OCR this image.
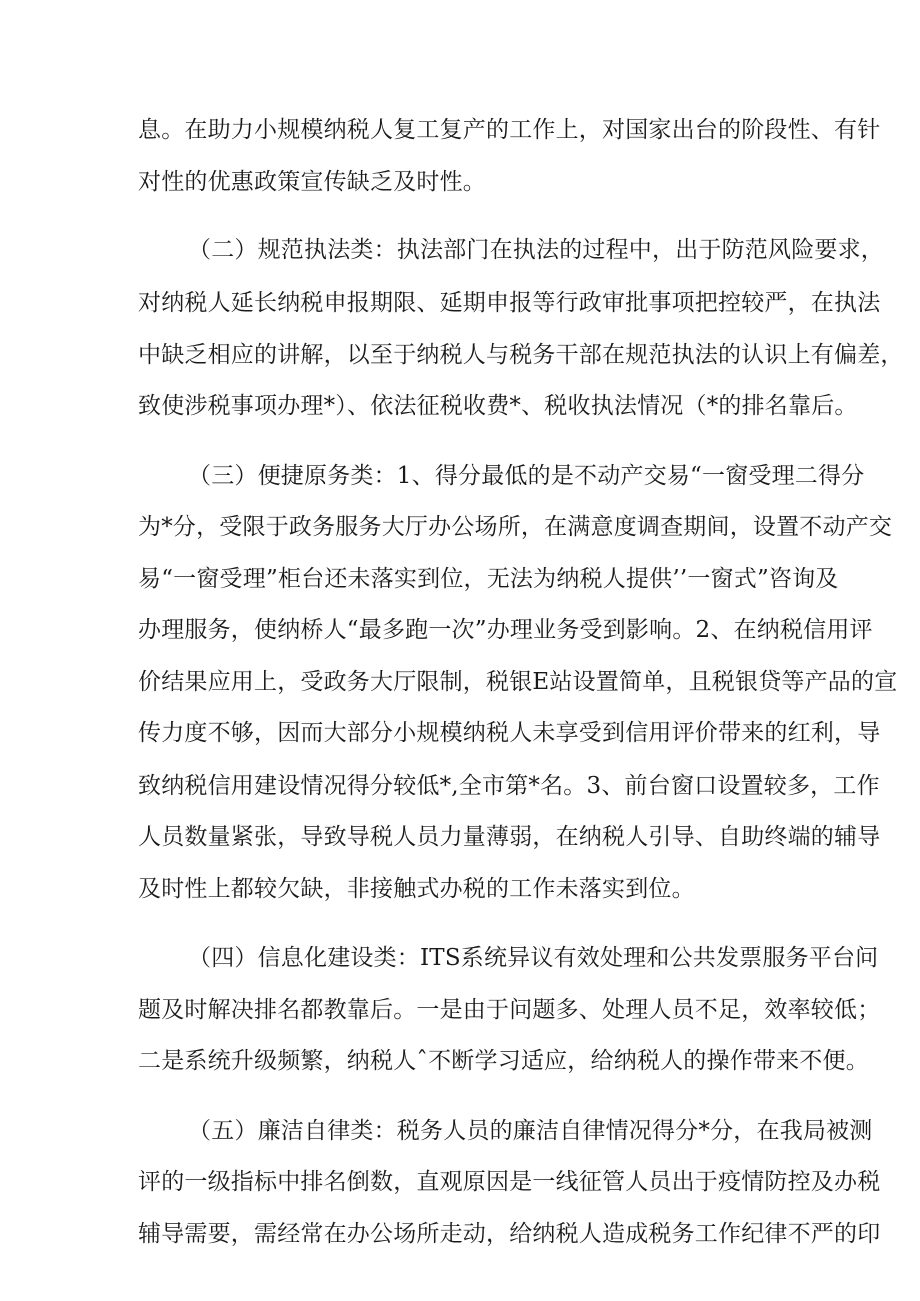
息。在助力小规模纳税人复工复产的工作上，对国家出台的阶段性、有针
对性的优惠政策宣传缺乏及时性。
（二）规范执法类：执法部门在执法的过程中，出于防范风险要求，
对纳税人延长纳税申报期限、延期申报等行政审批事项把控较严，在执法
中缺乏相应的讲解，以至于纳税人与税务干部在规范执法的认识上有偏差，
致使涉税事项办理*）、依法征税收费*、税收执法情况（*的排名靠后。
（三）便捷原务类：1、得分最低的是不动产交易“一窗受理二得分
为*分，受限于政务服务大厅办公场所，在满意度调查期间，设置不动产交
易“一窗受理”柜台还未落实到位，无法为纳税人提供’’一窗式”咨询及
办理服务，使纳桥人“最多跑一次”办理业务受到影响。2、在纳税信用评
价结果应用上，受政务大厅限制，税银E站设置简单，且税银贷等产品的宣
传力度不够，因而大部分小规模纳税人未享受到信用评价带来的红利，导
致纳税信用建设情况得分较低*,全市第*名。3、前台窗口设置较多，工作
人员数量紧张，导致导税人员力量薄弱，在纳税人引导、自助终端的辅导
及时性上都较欠缺，非接触式办税的工作未落实到位。
（四）信息化建设类：ITS系统异议有效处理和公共发票服务平台问
题及时解决排名都教靠后。一是由于问题多、处理人员不足，效率较低；
二是系统升级频繁，纳税人ˆ不断学习适应，给纳税人的操作带来不便。
（五）廉洁自律类：税务人员的廉洁自律情况得分*分，在我局被测
评的一级指标中排名倒数，直观原因是一线征管人员出于疫情防控及办税
辅导需要，需经常在办公场所走动，给纳税人造成税务工作纪律不严的印
